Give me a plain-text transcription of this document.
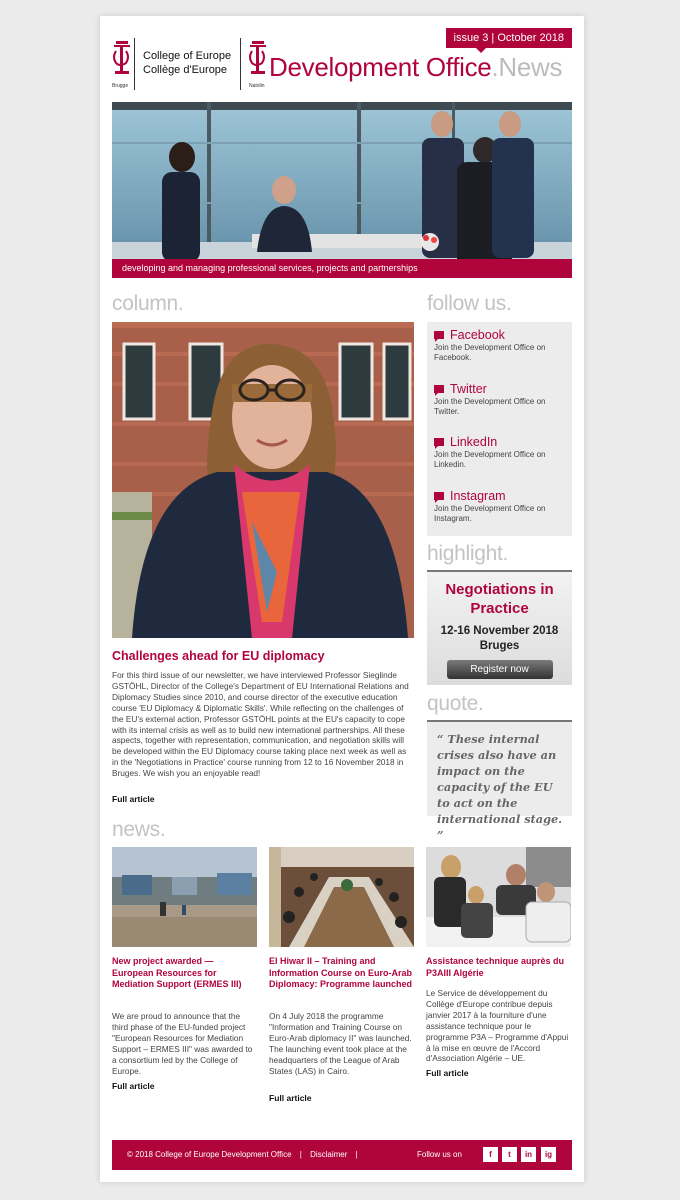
Brugge
College of Europe
Collège d'Europe
Natolin
issue 3 | October 2018
Development Office.News
developing and managing professional services, projects and partnerships
column.
Challenges ahead for EU diplomacy
For this third issue of our newsletter, we have interviewed Professor Sieglinde GSTÖHL, Director of the College's Department of EU International Relations and Diplomacy Studies since 2010, and course director of the executive education course 'EU Diplomacy & Diplomatic Skills'. While reflecting on the challenges of the EU's external action, Professor GSTÖHL points at the EU's capacity to cope with its internal crisis as well as to build new international partnerships. All these aspects, together with representation, communication, and negotiation skills will be developed within the EU Diplomacy course taking place next week as well as in the 'Negotiations in Practice' course running from 12 to 16 November 2018 in Bruges. We wish you an enjoyable read!
Full article
follow us.
Facebook
Join the Development Office on Facebook.
Twitter
Join the Development Office on Twitter.
LinkedIn
Join the Development Office on Linkedin.
Instagram
Join the Development Office on Instagram.
highlight.
Negotiations in Practice
12-16 November 2018 Bruges
Register now
quote.
“ These internal crises also have an impact on the capacity of the EU to act on the international stage. ”
news.
New project awarded — European Resources for Mediation Support (ERMES III)
We are proud to announce that the third phase of the EU-funded project "European Resources for Mediation Support – ERMES III" was awarded to a consortium led by the College of Europe.
Full article
El Hiwar II – Training and Information Course on Euro-Arab Diplomacy: Programme launched
On 4 July 2018 the programme "Information and Training Course on Euro-Arab diplomacy II" was launched. The launching event took place at the headquarters of the League of Arab States (LAS) in Cairo.
Full article
Assistance technique auprès du P3AIII Algérie
Le Service de développement du Collège d'Europe contribue depuis janvier 2017 à la fourniture d'une assistance technique pour le programme P3A – Programme d'Appui à la mise en œuvre de l'Accord d'Association Algérie – UE.
Full article
© 2018 College of Europe Development Office | Disclaimer |	Follow us on	f	t	in	ig
